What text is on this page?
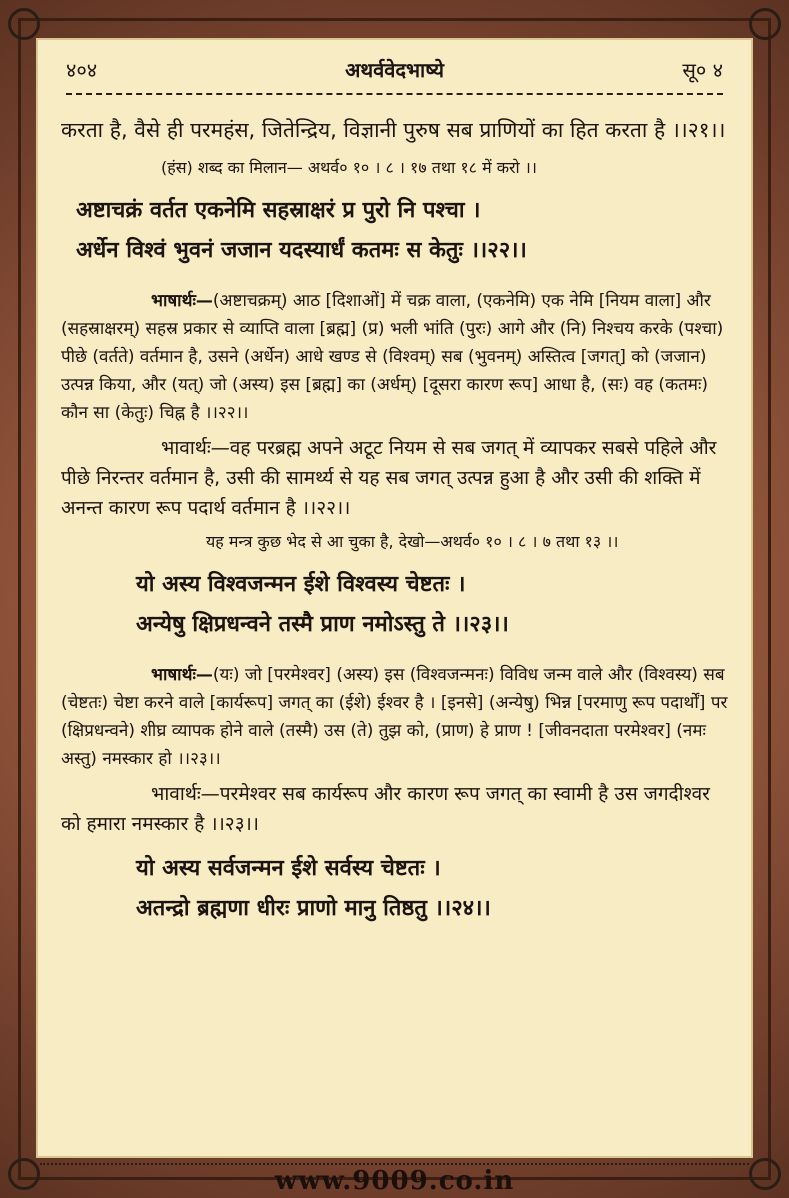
४०४	अथर्ववेदभाष्ये	सू० ४

करता है, वैसे ही परमहंस, जितेन्द्रिय, विज्ञानी पुरुष सब प्राणियों का हित करता है ।।२१।।

(हंस) शब्द का मिलान— अथर्व० १० । ८ । १७ तथा १८ में करो ।।

अष्टाचक्रं वर्तत एकनेमि सहस्राक्षरं प्र पुरो नि पश्चा ।

अर्धेन विश्वं भुवनं जजान यदस्यार्धं कतमः स केतुः ।।२२।।

भाषार्थः—(अष्टाचक्रम्) आठ [दिशाओं] में चक्र वाला, (एकनेमि) एक नेमि [नियम वाला] और (सहस्राक्षरम्) सहस्र प्रकार से व्याप्ति वाला [ब्रह्म] (प्र) भली भांति (पुरः) आगे और (नि) निश्चय करके (पश्चा) पीछे (वर्तते) वर्तमान है, उसने (अर्धेन) आधे खण्ड से (विश्वम्) सब (भुवनम्) अस्तित्व [जगत्] को (जजान) उत्पन्न किया, और (यत्) जो (अस्य) इस [ब्रह्म] का (अर्धम्) [दूसरा कारण रूप] आधा है, (सः) वह (कतमः) कौन सा (केतुः) चिह्न है ।।२२।।
भावार्थः—वह परब्रह्म अपने अटूट नियम से सब जगत् में व्यापकर सबसे पहिले और पीछे निरन्तर वर्तमान है, उसी की सामर्थ्य से यह सब जगत् उत्पन्न हुआ है और उसी की शक्ति में अनन्त कारण रूप पदार्थ वर्तमान है ।।२२।।

यह मन्त्र कुछ भेद से आ चुका है, देखो—अथर्व० १० । ८ । ७ तथा १३ ।।

यो अस्य विश्वजन्मन ईशे विश्वस्य चेष्टतः ।

अन्येषु क्षिप्रधन्वने तस्मै प्राण नमोऽस्तु ते ।।२३।।

भाषार्थः—(यः) जो [परमेश्वर] (अस्य) इस (विश्वजन्मनः) विविध जन्म वाले और (विश्वस्य) सब (चेष्टतः) चेष्टा करने वाले [कार्यरूप] जगत् का (ईशे) ईश्वर है । [इनसे] (अन्येषु) भिन्न [परमाणु रूप पदार्थों] पर (क्षिप्रधन्वने) शीघ्र व्यापक होने वाले (तस्मै) उस (ते) तुझ को, (प्राण) हे प्राण ! [जीवनदाता परमेश्वर] (नमः अस्तु) नमस्कार हो ।।२३।।
भावार्थः—परमेश्वर सब कार्यरूप और कारण रूप जगत् का स्वामी है उस जगदीश्वर को हमारा नमस्कार है ।।२३।।

यो अस्य सर्वजन्मन ईशे सर्वस्य चेष्टतः ।

अतन्द्रो ब्रह्मणा धीरः प्राणो मानु तिष्ठतु ।।२४।।

www.9009.co.in
